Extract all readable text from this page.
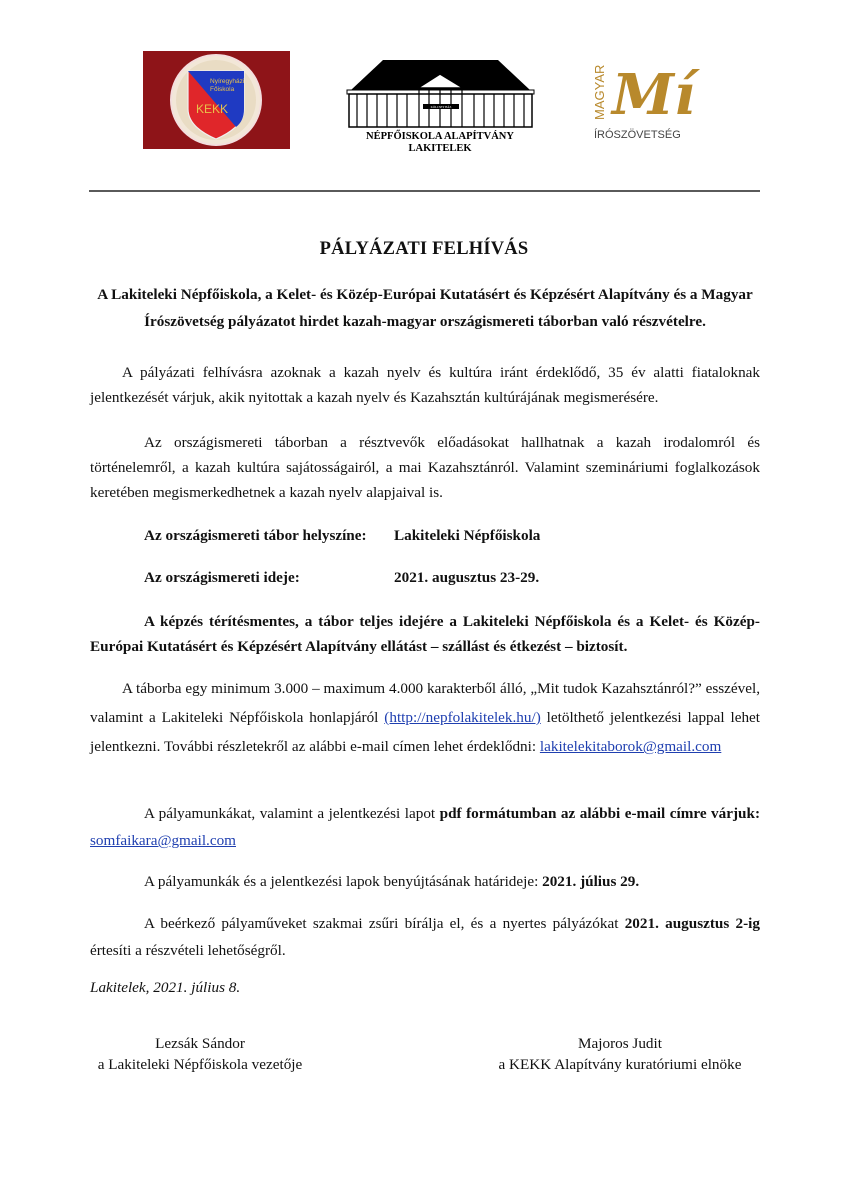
Nyíregyházi
Főiskola
KEKK	KÖLCSEY HÁZ
NÉPFŐISKOLA ALAPÍTVÁNY
LAKITELEK
MAGYAR Mí
ÍRÓSZÖVETSÉG
PÁLYÁZATI FELHÍVÁS
A Lakiteleki Népfőiskola, a Kelet- és Közép-Európai Kutatásért és Képzésért Alapítvány és a Magyar Írószövetség pályázatot hirdet kazah-magyar országismereti táborban való részvételre.
A pályázati felhívásra azoknak a kazah nyelv és kultúra iránt érdeklődő, 35 év alatti fiataloknak jelentkezését várjuk, akik nyitottak a kazah nyelv és Kazahsztán kultúrájának megismerésére.
Az országismereti táborban a résztvevők előadásokat hallhatnak a kazah irodalomról és történelemről, a kazah kultúra sajátosságairól, a mai Kazahsztánról. Valamint szemináriumi foglalkozások keretében megismerkedhetnek a kazah nyelv alapjaival is.
Az országismereti tábor helyszíne: Lakiteleki Népfőiskola
Az országismereti ideje:	2021. augusztus 23-29.
A képzés térítésmentes, a tábor teljes idejére a Lakiteleki Népfőiskola és a Kelet- és Közép-Európai Kutatásért és Képzésért Alapítvány ellátást – szállást és étkezést – biztosít.
A táborba egy minimum 3.000 – maximum 4.000 karakterből álló, „Mit tudok Kazahsztánról?” esszével, valamint a Lakiteleki Népfőiskola honlapjáról (http://nepfolakitelek.hu/) letölthető jelentkezési lappal lehet jelentkezni. További részletekről az alábbi e-mail címen lehet érdeklődni: lakitelekitaborok@gmail.com
A pályamunkákat, valamint a jelentkezési lapot pdf formátumban az alábbi e-mail címre várjuk: somfaikara@gmail.com
A pályamunkák és a jelentkezési lapok benyújtásának határideje: 2021. július 29.
A beérkező pályaműveket szakmai zsűri bírálja el, és a nyertes pályázókat 2021. augusztus 2-ig értesíti a részvételi lehetőségről.
Lakitelek, 2021. július 8.
Lezsák Sándor
a Lakiteleki Népfőiskola vezetője
Majoros Judit
a KEKK Alapítvány kuratóriumi elnöke
